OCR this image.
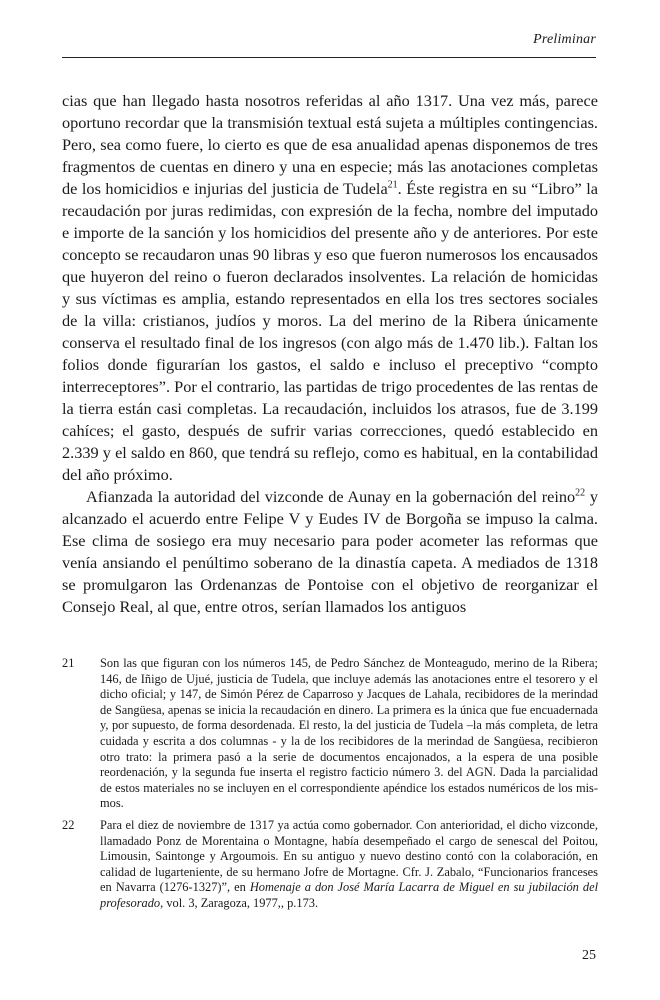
Preliminar

cias que han llegado hasta nosotros referidas al año 1317. Una vez más, parece oportuno recordar que la transmisión textual está sujeta a múltiples contingencias. Pero, sea como fuere, lo cierto es que de esa anualidad apenas disponemos de tres fragmentos de cuentas en dinero y una en especie; más las anotaciones completas de los homicidios e injurias del justicia de Tudela$^{21}$. Éste registra en su “Libro” la recaudación por juras redimidas, con expresión de la fecha, nombre del imputado e importe de la sanción y los homicidios del presente año y de anteriores. Por este concepto se recaudaron unas 90 libras y eso que fueron numerosos los encausados que huyeron del reino o fueron declarados insolventes. La relación de homicidas y sus víctimas es amplia, estando representados en ella los tres sectores sociales de la villa: cristianos, judíos y moros. La del merino de la Ribera únicamente conserva el resultado final de los ingresos (con algo más de 1.470 lib.). Faltan los folios donde figurarían los gastos, el saldo e incluso el preceptivo “compto interreceptores”. Por el contrario, las partidas de trigo procedentes de las rentas de la tierra están casi completas. La recaudación, incluidos los atrasos, fue de 3.199 cahíces; el gasto, después de sufrir varias correcciones, quedó establecido en 2.339 y el saldo en 860, que tendrá su reflejo, como es habitual, en la contabilidad del año próximo.

Afianzada la autoridad del vizconde de Aunay en la gobernación del reino$^{22}$ y alcanzado el acuerdo entre Felipe V y Eudes IV de Borgoña se impuso la calma. Ese clima de sosiego era muy necesario para poder acometer las reformas que venía ansiando el penúltimo soberano de la dinastía capeta. A mediados de 1318 se promulgaron las Ordenanzas de Pontoise con el objetivo de reorganizar el Consejo Real, al que, entre otros, serían llamados los antiguos

21	Son las que figuran con los números 145, de Pedro Sánchez de Monteagudo, merino de la Ribera; 146, de Iñigo de Ujué, justicia de Tudela, que incluye además las anotaciones entre el tesorero y el dicho oficial; y 147, de Simón Pérez de Caparroso y Jacques de Lahala, recibidores de la merindad de Sangüesa, apenas se inicia la recaudación en dinero. La primera es la única que fue encuadernada y, por supuesto, de forma desordenada. El resto, la del justicia de Tudela –la más completa, de letra cuidada y escrita a dos columnas - y la de los recibidores de la merindad de Sangüesa, recibieron otro trato: la primera pasó a la serie de documentos encajonados, a la espera de una posible reordenación, y la segunda fue inserta el registro facticio número 3. del AGN. Dada la parcialidad de estos materiales no se incluyen en el correspondiente apéndice los estados numéricos de los mismos.
22	Para el diez de noviembre de 1317 ya actúa como gobernador. Con anterioridad, el dicho vizconde, llamadado Ponz de Morentaina o Montagne, había desempeñado el cargo de senescal del Poitou, Limousin, Saintonge y Argoumois. En su antiguo y nuevo destino contó con la colaboración, en calidad de lugarteniente, de su hermano Jofre de Mortagne. Cfr. J. Zabalo, “Funcionarios franceses en Navarra (1276-1327)”, en Homenaje a don José María Lacarra de Miguel en su jubilación del profesorado, vol. 3, Zaragoza, 1977,, p.173.
25
